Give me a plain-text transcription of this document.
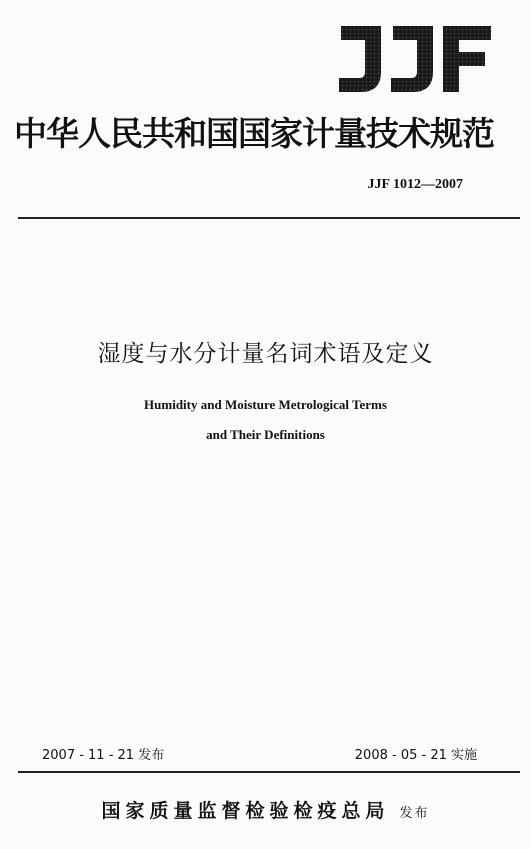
中华人民共和国国家计量技术规范
JJF 1012—2007
湿度与水分计量名词术语及定义
Humidity and Moisture Metrological Terms
and Their Definitions
2007 - 11 - 21 发布	2008 - 05 - 21 实施
国家质量监督检验检疫总局 发布
